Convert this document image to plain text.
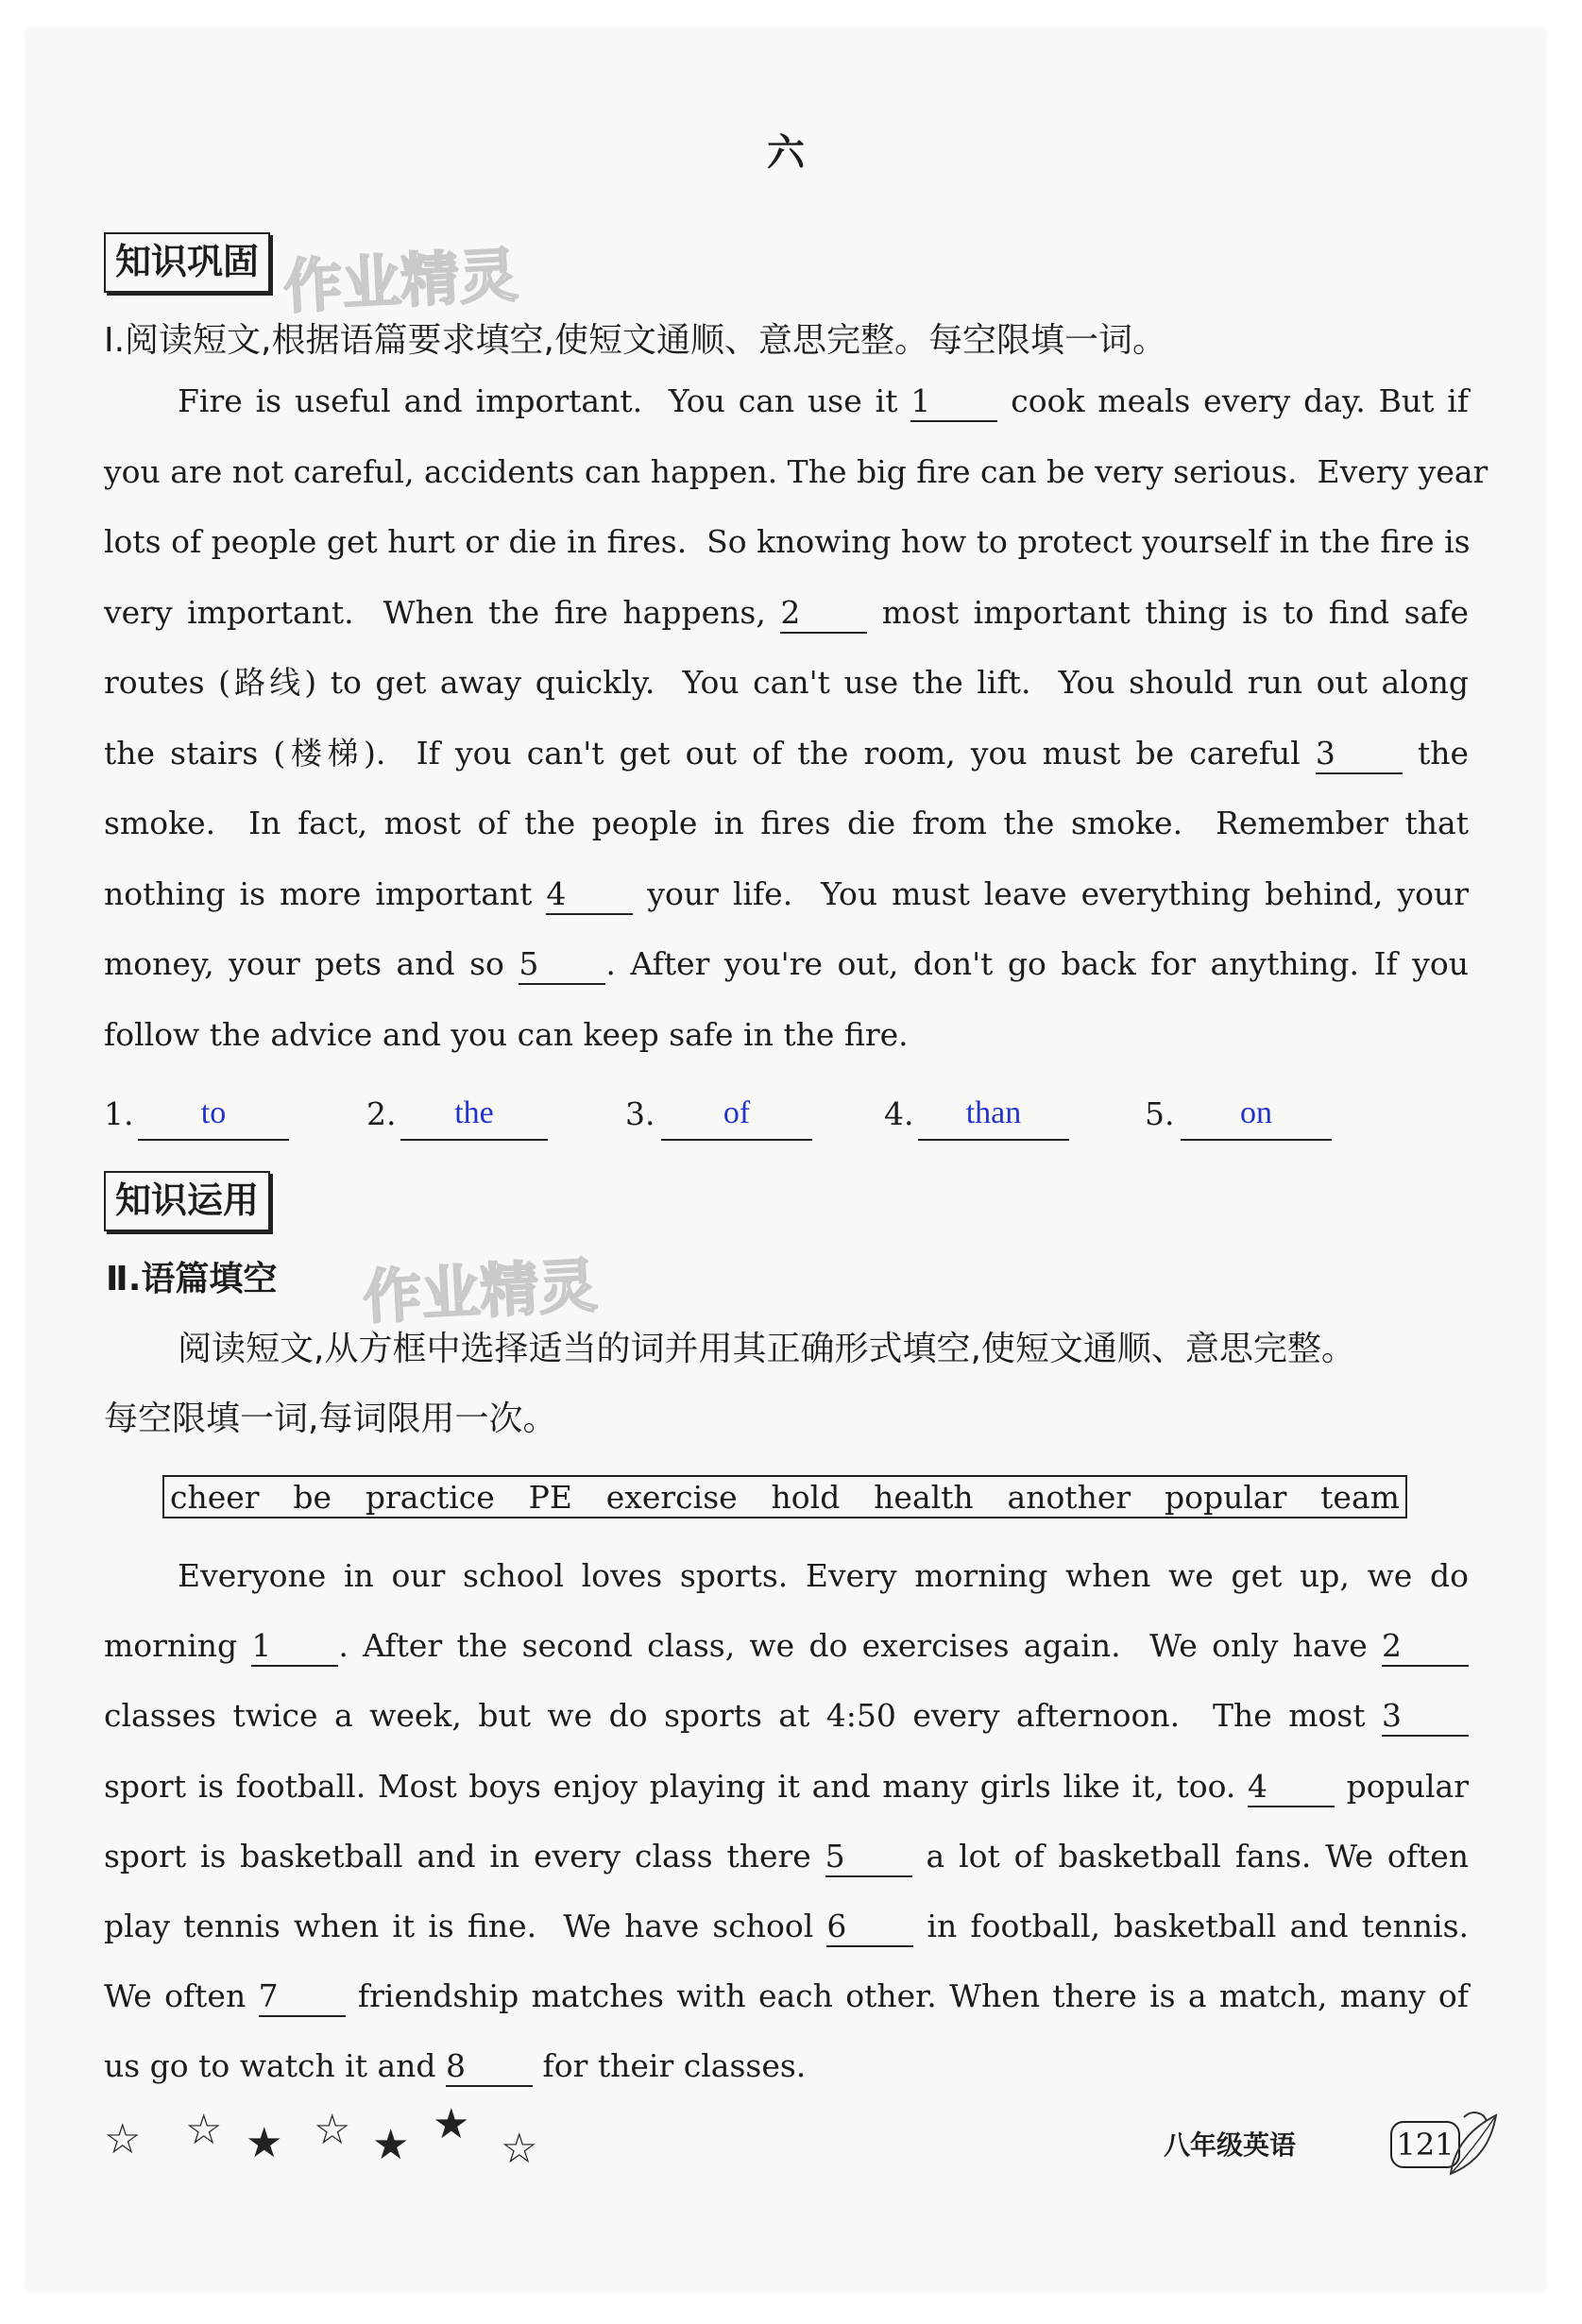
六
知识巩固 作业精灵
Ⅰ.阅读短文,根据语篇要求填空,使短文通顺、意思完整。每空限填一词。
Fire is useful and important.  You can use it 1 cook meals every day. But if
you are not careful, accidents can happen. The big fire can be very serious.  Every year
lots of people get hurt or die in fires.  So knowing how to protect yourself in the fire is
very important.  When the fire happens, 2 most important thing is to find safe
routes (路线) to get away quickly.  You can't use the lift.  You should run out along
the stairs (楼梯).  If you can't get out of the room, you must be careful 3 the
smoke.  In fact, most of the people in fires die from the smoke.  Remember that
nothing is more important 4 your life.  You must leave everything behind, your
money, your pets and so 5 . After you're out, don't go back for anything. If you
follow the advice and you can keep safe in the fire.
1.	to	2.	the	3.	of	4.	than	5.	on
知识运用
Ⅱ.语篇填空 作业精灵
阅读短文,从方框中选择适当的词并用其正确形式填空,使短文通顺、意思完整。
每空限填一词,每词限用一次。
cheer be practice PE exercise hold health another popular team
Everyone in our school loves sports. Every morning when we get up, we do
morning 1 . After the second class, we do exercises again.  We only have 2
classes twice a week, but we do sports at 4:50 every afternoon.  The most 3
sport is football. Most boys enjoy playing it and many girls like it, too. 4 popular
sport is basketball and in every class there 5 a lot of basketball fans. We often
play tennis when it is fine.  We have school 6 in football, basketball and tennis.
We often 7 friendship matches with each other. When there is a match, many of
us go to watch it and 8 for their classes.
☆ ☆ ★ ☆ ★ ★
☆	八年级英语	121
